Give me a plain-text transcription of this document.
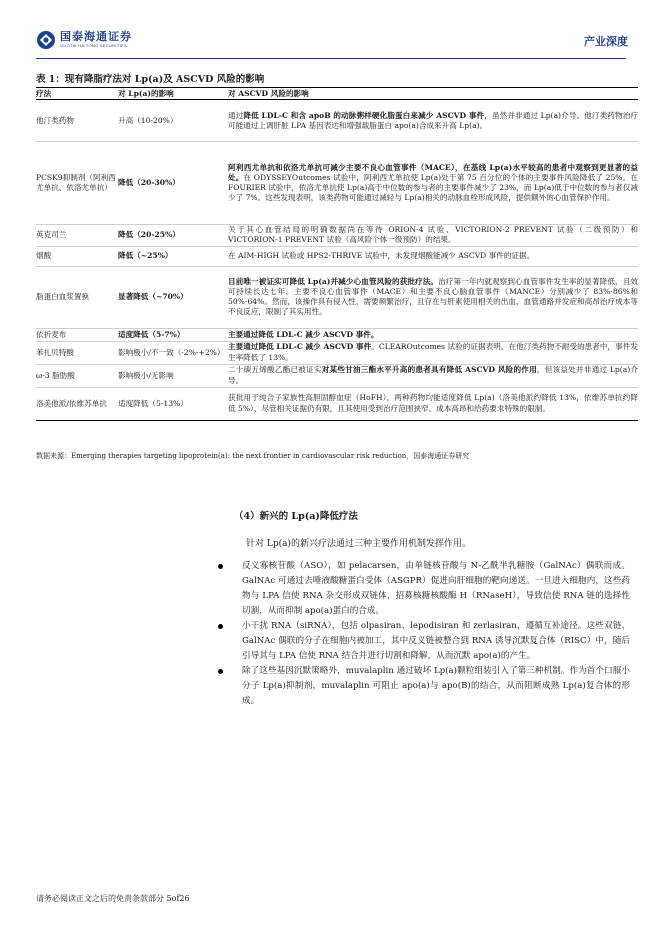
国泰海通证券
GUOTAI HAITONG SECURITIES	产业深度
表 1：现有降脂疗法对 Lp(a)及 ASCVD 风险的影响
疗法	对 Lp(a)的影响	对 ASCVD 风险的影响
他汀类药物	升高（10-20%）	通过降低 LDL-C 和含 apoB 的动脉粥样硬化脂蛋白来减少 ASCVD 事件，虽然并非通过 Lp(a)介导。他汀类药物治疗可能通过上调肝脏 LPA 基因表达和增强载脂蛋白 apo(a)合成来升高 Lp(a)。
PCSK9抑制剂（阿利西尤单抗、依洛尤单抗）	降低（20-30%）	阿利西尤单抗和依洛尤单抗可减少主要不良心血管事件（MACE），在基线 Lp(a)水平较高的患者中观察到更显著的益处。在 ODYSSEYOutcomes 试验中，阿利西尤单抗使 Lp(a)处于第 75 百分位的个体的主要事件风险降低了 25%。在 FOURIER 试验中，依洛尤单抗使 Lp(a)高于中位数的参与者的主要事件减少了 23%，而 Lp(a)低于中位数的参与者仅减少了 7%。这些发现表明，该类药物可能通过减轻与 Lp(a)相关的动脉血栓形成风险，提供额外的心血管保护作用。
英克司兰	降低（20-25%）	关于其心血管结局的明确数据尚在等待 ORION-4 试验、VICTORION-2 PREVENT 试验（二级预防）和 VICTORION-1 PREVENT 试验（高风险个体一级预防）的结果。
烟酸	降低（~25%）	在 AIM-HIGH 试验或 HPS2-THRIVE 试验中，未发现烟酸能减少 ASCVD 事件的证据。
脂蛋白血浆置换	显著降低（~70%）	目前唯一被证实可降低 Lp(a)并减少心血管风险的获批疗法。治疗第一年内就观察到心血管事件发生率的显著降低，且效可持续长达七年。主要不良心血管事件（MACE）和主要不良心脑血管事件（MANCE）分别减少了 83%-86%和 50%-64%。然而，该操作具有侵入性，需要频繁治疗，且存在与肝素使用相关的出血、血管通路并发症和高昂治疗成本等不良反应，限制了其实用性。
依折麦布	适度降低（5-7%）	主要通过降低 LDL-C 减少 ASCVD 事件。
苯扎贝特酸	影响极小/不一致（-2%-+2%）	主要通过降低 LDL-C 减少 ASCVD 事件。CLEAROutcomes 试验的证据表明，在他汀类药物不耐受的患者中，事件发生率降低了 13%。
ω-3 脂肪酸	影响极小/无影响	二十碳五烯酸乙酯已被证实对某些甘油三酯水平升高的患者具有降低 ASCVD 风险的作用，但该益处并非通过 Lp(a)介导。
洛美他派/依维苏单抗	适度降低（5-13%）	获批用于纯合子家族性高胆固醇血症（HoFH），两种药物均能适度降低 Lp(a)（洛美他派约降低 13%，依维苏单抗约降低 5%），尽管相关证据仍有限，且其使用受到治疗范围狭窄、成本高昂和给药要求特殊的限制。
数据来源：Emerging therapies targeting lipoprotein(a): the next frontier in cardiovascular risk reduction，国泰海通证券研究
（4）新兴的 Lp(a)降低疗法
针对 Lp(a)的新兴疗法通过三种主要作用机制发挥作用。
反义寡核苷酸（ASO），如 pelacarsen，由单链核苷酸与 N-乙酰半乳糖胺（GalNAc）偶联而成。GalNAc 可通过去唾液酸糖蛋白受体（ASGPR）促进向肝细胞的靶向递送。一旦进入细胞内，这些药物与 LPA 信使 RNA 杂交形成双链体，招募核糖核酸酶 H（RNaseH），导致信使 RNA 链的选择性切割，从而抑制 apo(a)蛋白的合成。
小干扰 RNA（siRNA），包括 olpasiran、lepodisiran 和 zerlasiran，遵循互补途径。这些双链、GalNAc 偶联的分子在细胞内被加工，其中反义链被整合到 RNA 诱导沉默复合体（RISC）中，随后引导其与 LPA 信使 RNA 结合并进行切割和降解，从而沉默 apo(a)的产生。
除了这些基因沉默策略外，muvalaplin 通过破坏 Lp(a)颗粒组装引入了第三种机制。作为首个口服小分子 Lp(a)抑制剂，muvalaplin 可阻止 apo(a)与 apo(B)的结合，从而阻断成熟 Lp(a)复合体的形成。
请务必阅读正文之后的免责条款部分 5of26
